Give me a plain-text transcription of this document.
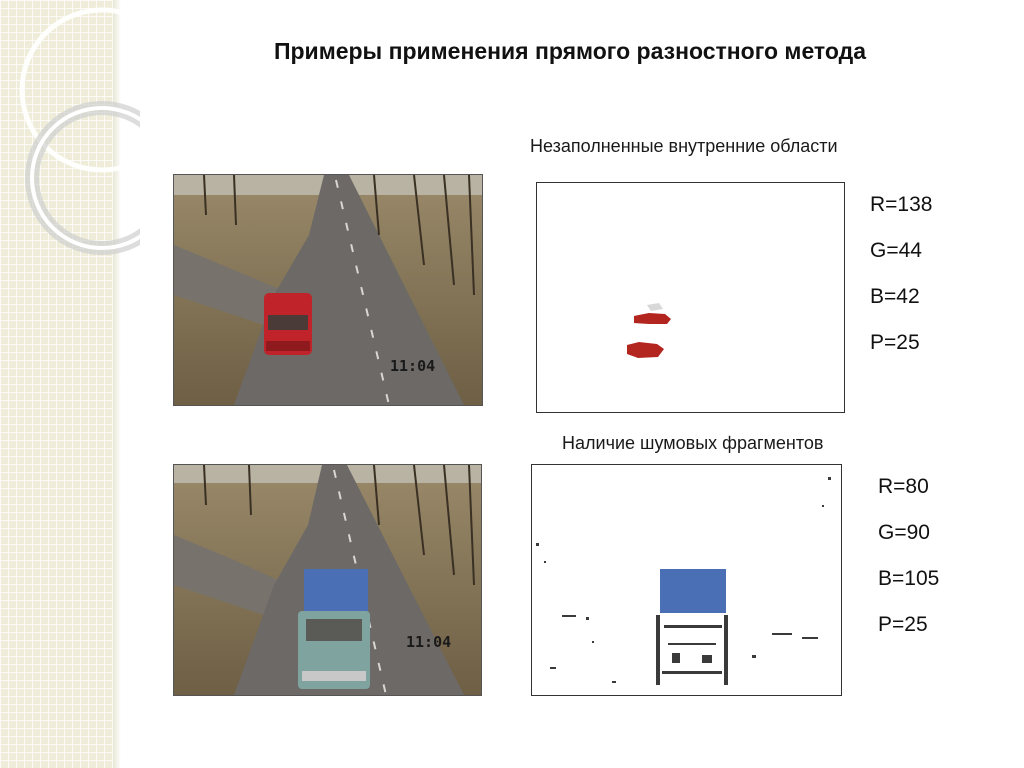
Примеры применения прямого разностного метода
Незаполненные внутренние области
11:04
R=138
G=44
B=42
P=25
Наличие шумовых фрагментов
11:04
R=80
G=90
B=105
P=25
